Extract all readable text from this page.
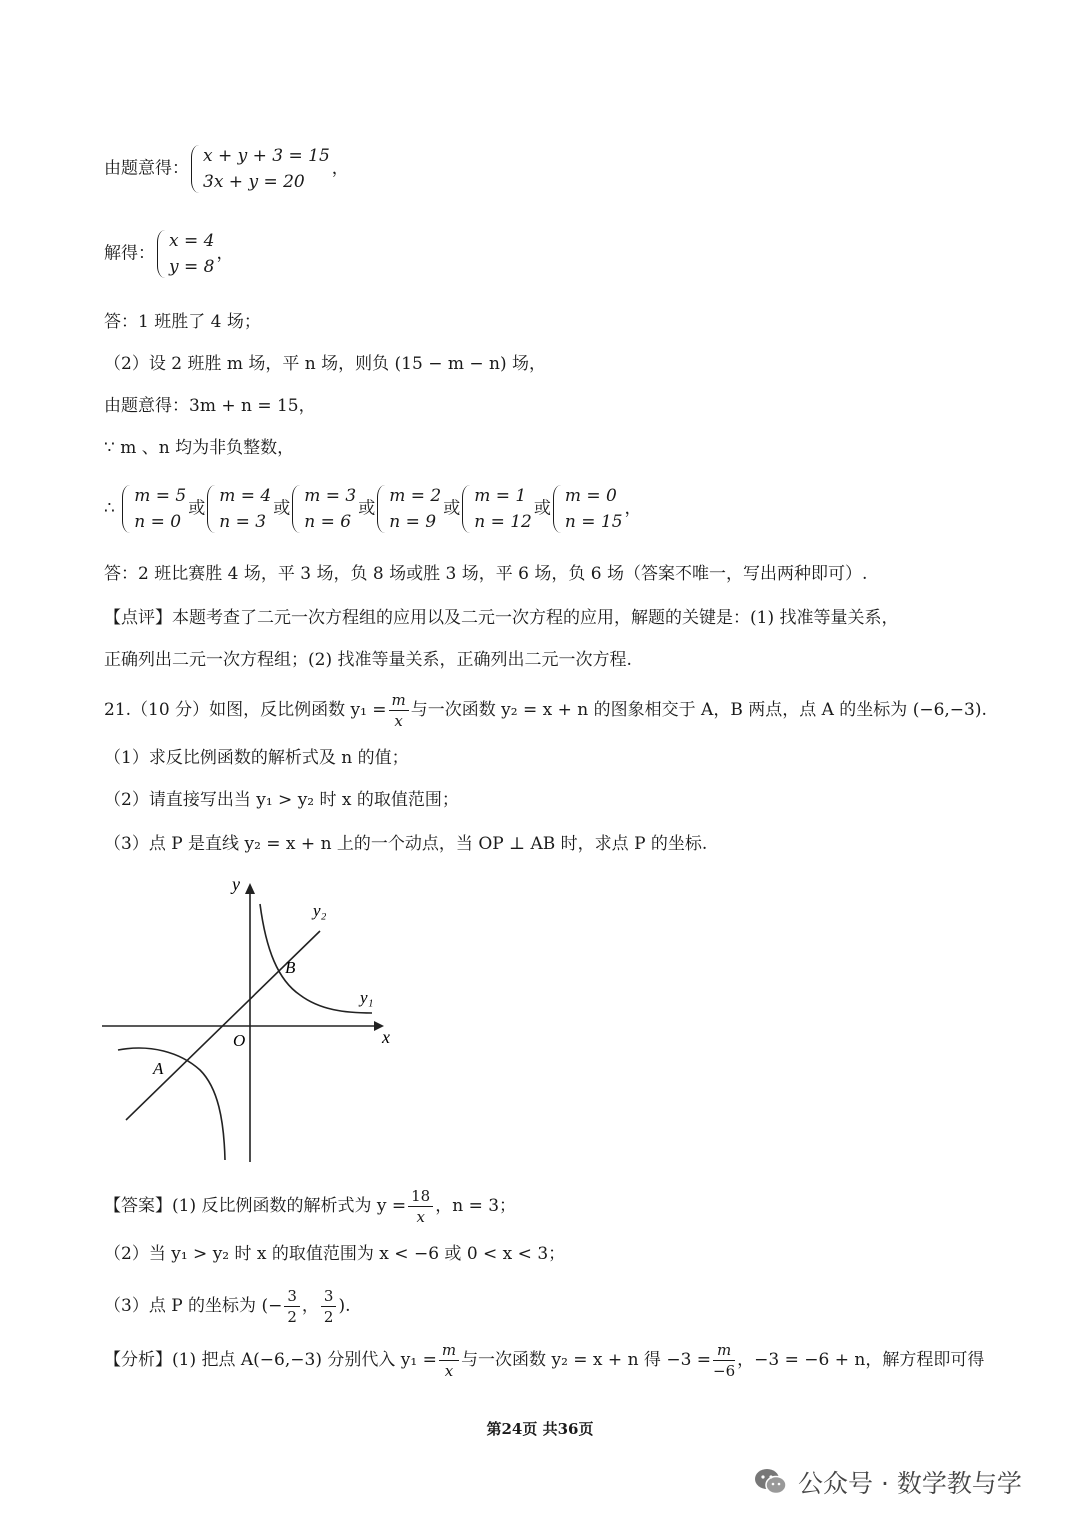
由题意得：
x + y + 3 = 15
3x + y = 20
，
解得：
x = 4
y = 8
，
答：1 班胜了 4 场；
（2）设 2 班胜 m 场，平 n 场，则负 (15 − m − n) 场，
由题意得：3m + n = 15，
∵ m 、n 均为非负整数，
∴
m = 5
n = 0
或
m = 4
n = 3
或
m = 3
n = 6
或
m = 2
n = 9
或
m = 1
n = 12
或
m = 0
n = 15
，
答：2 班比赛胜 4 场，平 3 场，负 8 场或胜 3 场，平 6 场，负 6 场（答案不唯一，写出两种即可）.
【点评】本题考查了二元一次方程组的应用以及二元一次方程的应用，解题的关键是：(1) 找准等量关系，
正确列出二元一次方程组；(2) 找准等量关系，正确列出二元一次方程.
21.（10 分）如图，反比例函数 $y_1 = \frac{m}{x}$ 与一次函数 y₂ = x + n 的图象相交于 A，B 两点，点 A 的坐标为 (−6,−3).
（1）求反比例函数的解析式及 n 的值；
（2）请直接写出当 y₁ > y₂ 时 x 的取值范围；
（3）点 P 是直线 y₂ = x + n 上的一个动点，当 OP ⊥ AB 时，求点 P 的坐标.
y
x
O
y₂
y₁
A
B
【答案】(1) 反比例函数的解析式为 $y = \frac{18}{x}$ ，n = 3；
（2）当 y₁ > y₂ 时 x 的取值范围为 x < −6 或 0 < x < 3；
（3）点 P 的坐标为 (− $\frac{3}{2}$ ， $\frac{3}{2}$ ).
【分析】(1) 把点 A(−6,−3) 分别代入 $y_1 = \frac{m}{x}$ 与一次函数 y₂ = x + n 得 $-3 = \frac{m}{-6}$ ，−3 = −6 + n，解方程即可得
第24页 共36页
公众号 · 数学教与学
